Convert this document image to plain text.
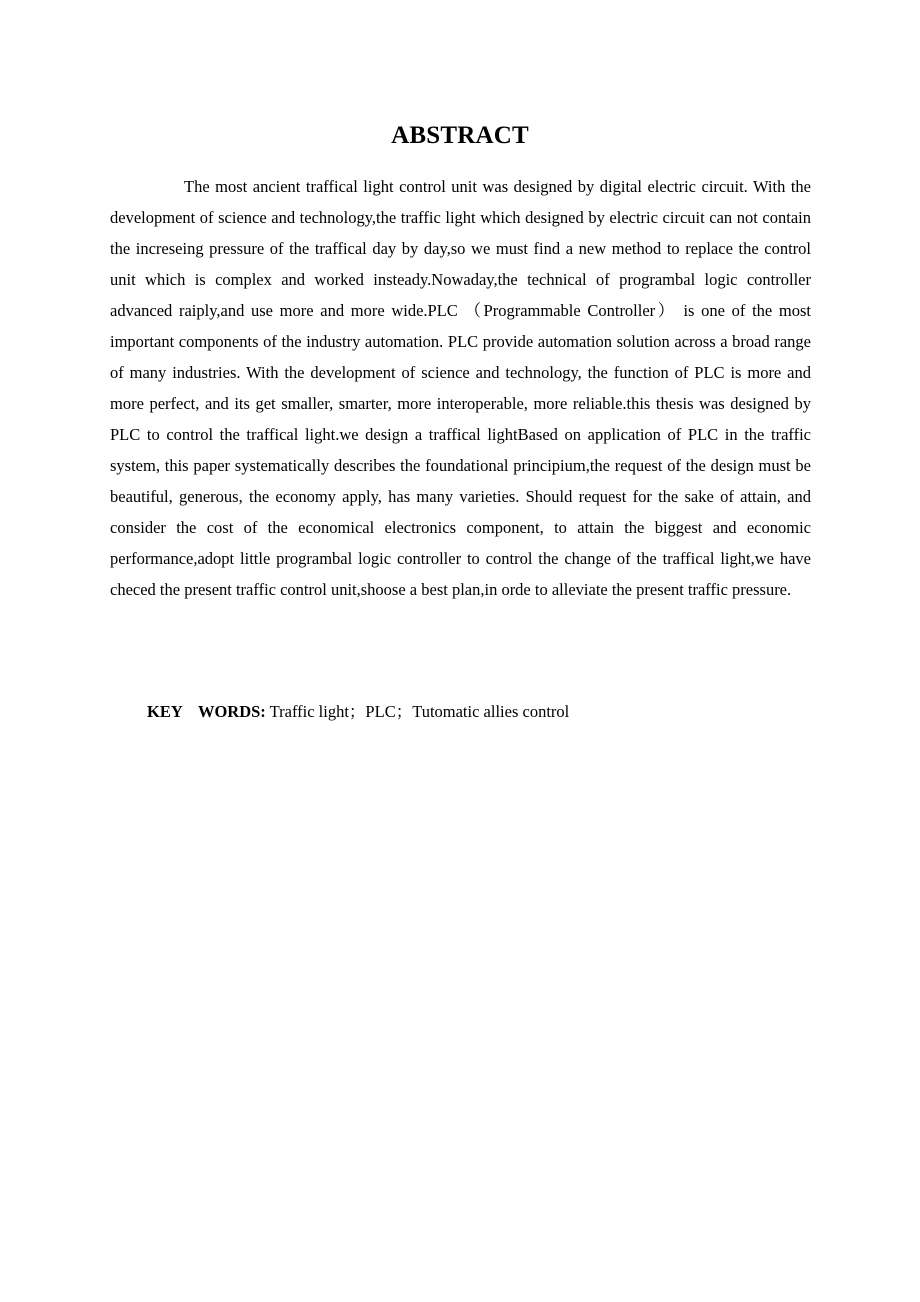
ABSTRACT

The most ancient traffical light control unit was designed by digital electric circuit. With the development of science and technology,the traffic light which designed by electric circuit can not contain the increseing pressure of the traffical day by day,so we must find a new method to replace the control unit which is complex and worked insteady.Nowaday,the technical of programbal logic controller advanced raiply,and use more and more wide.PLC （Programmable Controller） is one of the most important components of the industry automation. PLC provide automation solution across a broad range of many industries. With the development of science and technology, the function of PLC is more and more perfect, and its get smaller, smarter, more interoperable, more reliable.this thesis was designed by PLC to control the traffical light.we design a traffical lightBased on application of PLC in the traffic system, this paper systematically describes the foundational principium,the request of the design must be beautiful, generous, the economy apply, has many varieties. Should request for the sake of attain, and consider the cost of the economical electronics component, to attain the biggest and economic performance,adopt little programbal logic controller to control the change of the traffical light,we have checed the present traffic control unit,shoose a best plan,in orde to alleviate the present traffic pressure.

KEY WORDS: Traffic light；PLC；Tutomatic allies control
